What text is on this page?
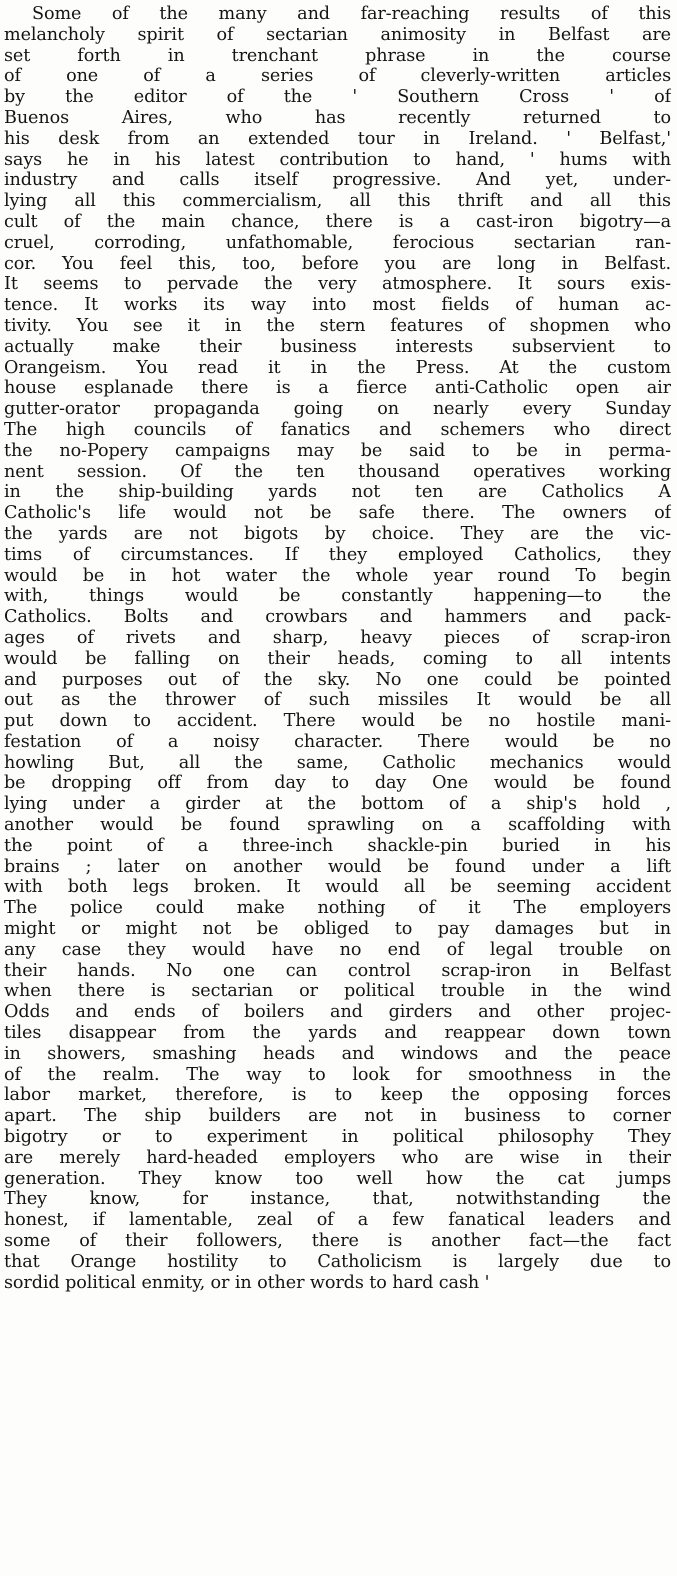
Some of the many and far-reaching results of this
melancholy spirit of sectarian animosity in Belfast are
set forth in trenchant phrase in the course
of one of a series of cleverly-written articles
by the editor of the ' Southern Cross ' of
Buenos Aires, who has recently returned to
his desk from an extended tour in Ireland. ' Belfast,'
says he in his latest contribution to hand, ' hums with
industry and calls itself progressive. And yet, under-
lying all this commercialism, all this thrift and all this
cult of the main chance, there is a cast-iron bigotry—a
cruel, corroding, unfathomable, ferocious sectarian ran-
cor. You feel this, too, before you are long in Belfast.
It seems to pervade the very atmosphere. It sours exis-
tence. It works its way into most fields of human ac-
tivity. You see it in the stern features of shopmen who
actually make their business interests subservient to
Orangeism. You read it in the Press. At the custom
house esplanade there is a fierce anti-Catholic open air
gutter-orator propaganda going on nearly every Sunday
The high councils of fanatics and schemers who direct
the no-Popery campaigns may be said to be in perma-
nent session. Of the ten thousand operatives working
in the ship-building yards not ten are Catholics A
Catholic's life would not be safe there. The owners of
the yards are not bigots by choice. They are the vic-
tims of circumstances. If they employed Catholics, they
would be in hot water the whole year round To begin
with, things would be constantly happening—to the
Catholics. Bolts and crowbars and hammers and pack-
ages of rivets and sharp, heavy pieces of scrap-iron
would be falling on their heads, coming to all intents
and purposes out of the sky. No one could be pointed
out as the thrower of such missiles It would be all
put down to accident. There would be no hostile mani-
festation of a noisy character. There would be no
howling But, all the same, Catholic mechanics would
be dropping off from day to day One would be found
lying under a girder at the bottom of a ship's hold ,
another would be found sprawling on a scaffolding with
the point of a three-inch shackle-pin buried in his
brains ; later on another would be found under a lift
with both legs broken. It would all be seeming accident
The police could make nothing of it The employers
might or might not be obliged to pay damages but in
any case they would have no end of legal trouble on
their hands. No one can control scrap-iron in Belfast
when there is sectarian or political trouble in the wind
Odds and ends of boilers and girders and other projec-
tiles disappear from the yards and reappear down town
in showers, smashing heads and windows and the peace
of the realm. The way to look for smoothness in the
labor market, therefore, is to keep the opposing forces
apart. The ship builders are not in business to corner
bigotry or to experiment in political philosophy They
are merely hard-headed employers who are wise in their
generation. They know too well how the cat jumps
They know, for instance, that, notwithstanding the
honest, if lamentable, zeal of a few fanatical leaders and
some of their followers, there is another fact—the fact
that Orange hostility to Catholicism is largely due to
sordid political enmity, or in other words to hard cash '
